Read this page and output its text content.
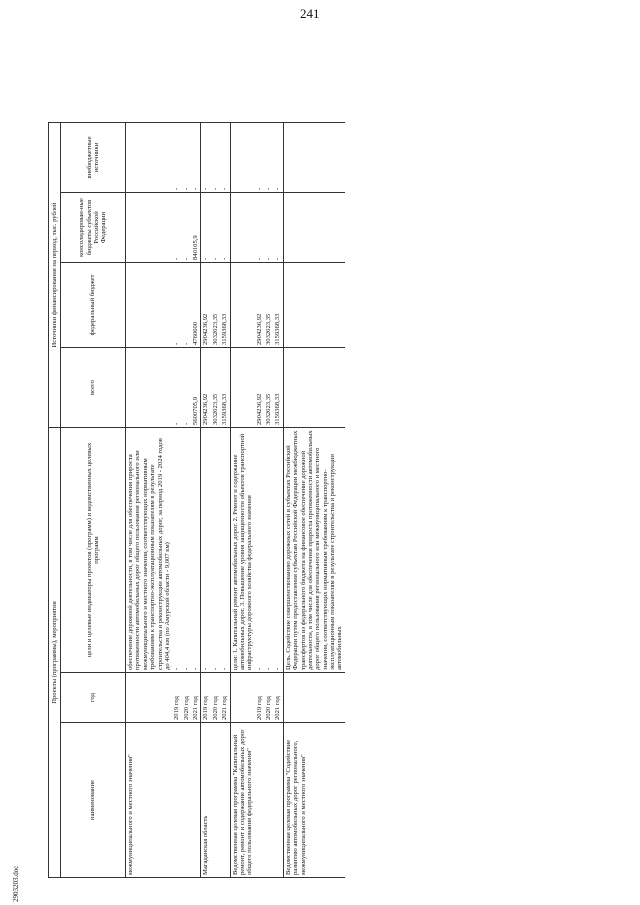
241
2903203.doc
Проекты (программы), мероприятия			Источники финансирования на период, тыс. рублей				
наименование	год	цели и целевые индикаторы проектов (программ) и ведомственных целевых программ	всего	федеральный бюджет	консолидирован-ные бюджеты субъектов Российской Федерации	внебюджетные источники	
межмуниципального и местного значения"		обеспечение дорожной деятельности, в том числе для обеспечения прироста протяженности автомобильных дорог общего пользования регионального или межмуниципального и местного значения, соответствующих нормативным требованиям к транспортно-эксплуатационным показателям в результате строительства и реконструкции автомобильных дорог, за период 2019 - 2024 годов до 404,4 км (по Амурской области - 9,007 км)					
	2019 год	-	-	-	-	-	
	2020 год	-	-	-	-	-	
	2021 год	-	5600705,9	4760600	840105,9	-	
Магаданская область	2019 год	-	2904236,92	2904236,92	-	-	
	2020 год	-	3032023,35	3032023,35	-	-	
	2021 год	-	3159368,33	3159368,33	-	-	
Ведомственная целевая программа "Капитальный ремонт, ремонт и содержание автомобильных дорог общего пользования федерального значения"		цели: 1. Капитальный ремонт автомобильных дорог. 2. Ремонт и содержание автомобильных дорог. 3. Повышение уровня защищенности объектов транспортной инфраструктуры дорожного хозяйства федерального значения					
	2019 год	-	2904236,92	2904236,92	-	-	
	2020 год	-	3032023,35	3032023,35	-	-	
	2021 год	-	3159368,33	3159368,33	-	-	
Ведомственная целевая программа "Содействие развитию автомобильных дорог регионального, межмуниципального и местного значения"		Цель. Содействие совершенствованию дорожных сетей в субъектах Российской Федерации путем предоставления субъектам Российской Федерации межбюджетных трансфертов из федерального бюджета на финансовое обеспечение дорожной деятельности, в том числе для обеспечения прироста протяженности автомобильных дорог общего пользования регионального или межмуниципального и местного значения, соответствующих нормативным требованиям к транспортно-эксплуатационным показателям в результате строительства и реконструкции автомобильных					
